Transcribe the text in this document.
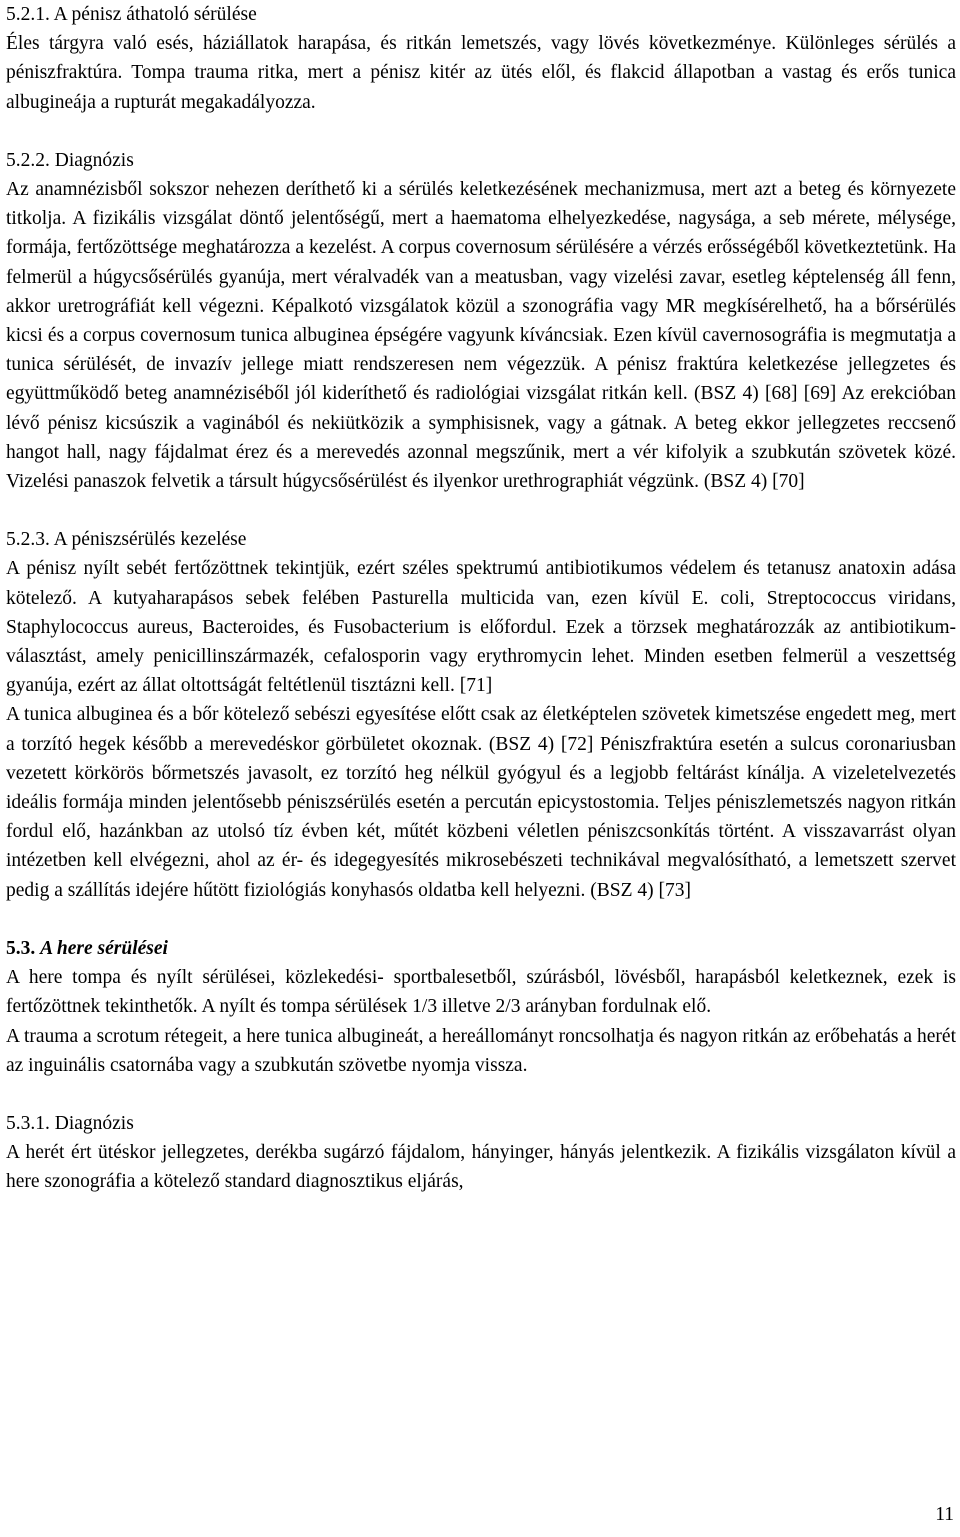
5.2.1. A pénisz áthatoló sérülése

Éles tárgyra való esés, háziállatok harapása, és ritkán lemetszés, vagy lövés következménye. Különleges sérülés a péniszfraktúra. Tompa trauma ritka, mert a pénisz kitér az ütés elől, és flakcid állapotban a vastag és erős tunica albugineája a rupturát megakadályozza.

5.2.2. Diagnózis

Az anamnézisből sokszor nehezen deríthető ki a sérülés keletkezésének mechanizmusa, mert azt a beteg és környezete titkolja. A fizikális vizsgálat döntő jelentőségű, mert a haematoma elhelyezkedése, nagysága, a seb mérete, mélysége, formája, fertőzöttsége meghatározza a kezelést. A corpus covernosum sérülésére a vérzés erősségéből következtetünk. Ha felmerül a húgycsősérülés gyanúja, mert véralvadék van a meatusban, vagy vizelési zavar, esetleg képtelenség áll fenn, akkor uretrográfiát kell végezni. Képalkotó vizsgálatok közül a szonográfia vagy MR megkísérelhető, ha a bőrsérülés kicsi és a corpus covernosum tunica albuginea épségére vagyunk kíváncsiak. Ezen kívül cavernosográfia is megmutatja a tunica sérülését, de invazív jellege miatt rendszeresen nem végezzük. A pénisz fraktúra keletkezése jellegzetes és együttműködő beteg anamnéziséből jól kideríthető és radiológiai vizsgálat ritkán kell. (BSZ 4) [68] [69] Az erekcióban lévő pénisz kicsúszik a vaginából és nekiütközik a symphisisnek, vagy a gátnak. A beteg ekkor jellegzetes reccsenő hangot hall, nagy fájdalmat érez és a merevedés azonnal megszűnik, mert a vér kifolyik a szubkután szövetek közé. Vizelési panaszok felvetik a társult húgycsősérülést és ilyenkor urethrographiát végzünk. (BSZ 4) [70]

5.2.3. A péniszsérülés kezelése

A pénisz nyílt sebét fertőzöttnek tekintjük, ezért széles spektrumú antibiotikumos védelem és tetanusz anatoxin adása kötelező. A kutyaharapásos sebek felében Pasturella multicida van, ezen kívül E. coli, Streptococcus viridans, Staphylococcus aureus, Bacteroides, és Fusobacterium is előfordul. Ezek a törzsek meghatározzák az antibiotikum-választást, amely penicillinszármazék, cefalosporin vagy erythromycin lehet. Minden esetben felmerül a veszettség gyanúja, ezért az állat oltottságát feltétlenül tisztázni kell. [71]

A tunica albuginea és a bőr kötelező sebészi egyesítése előtt csak az életképtelen szövetek kimetszése engedett meg, mert a torzító hegek később a merevedéskor görbületet okoznak. (BSZ 4) [72] Péniszfraktúra esetén a sulcus coronariusban vezetett körkörös bőrmetszés javasolt, ez torzító heg nélkül gyógyul és a legjobb feltárást kínálja. A vizeletelvezetés ideális formája minden jelentősebb péniszsérülés esetén a percután epicystostomia. Teljes péniszlemetszés nagyon ritkán fordul elő, hazánkban az utolsó tíz évben két, műtét közbeni véletlen péniszcsonkítás történt. A visszavarrást olyan intézetben kell elvégezni, ahol az ér- és idegegyesítés mikrosebészeti technikával megvalósítható, a lemetszett szervet pedig a szállítás idejére hűtött fiziológiás konyhasós oldatba kell helyezni. (BSZ 4) [73]

5.3. A here sérülései

A here tompa és nyílt sérülései, közlekedési- sportbalesetből, szúrásból, lövésből, harapásból keletkeznek, ezek is fertőzöttnek tekinthetők. A nyílt és tompa sérülések 1/3 illetve 2/3 arányban fordulnak elő.

A trauma a scrotum rétegeit, a here tunica albugineát, a hereállományt roncsolhatja és nagyon ritkán az erőbehatás a herét az inguinális csatornába vagy a szubkután szövetbe nyomja vissza.

5.3.1. Diagnózis

A herét ért ütéskor jellegzetes, derékba sugárzó fájdalom, hányinger, hányás jelentkezik. A fizikális vizsgálaton kívül a here szonográfia a kötelező standard diagnosztikus eljárás,

11
